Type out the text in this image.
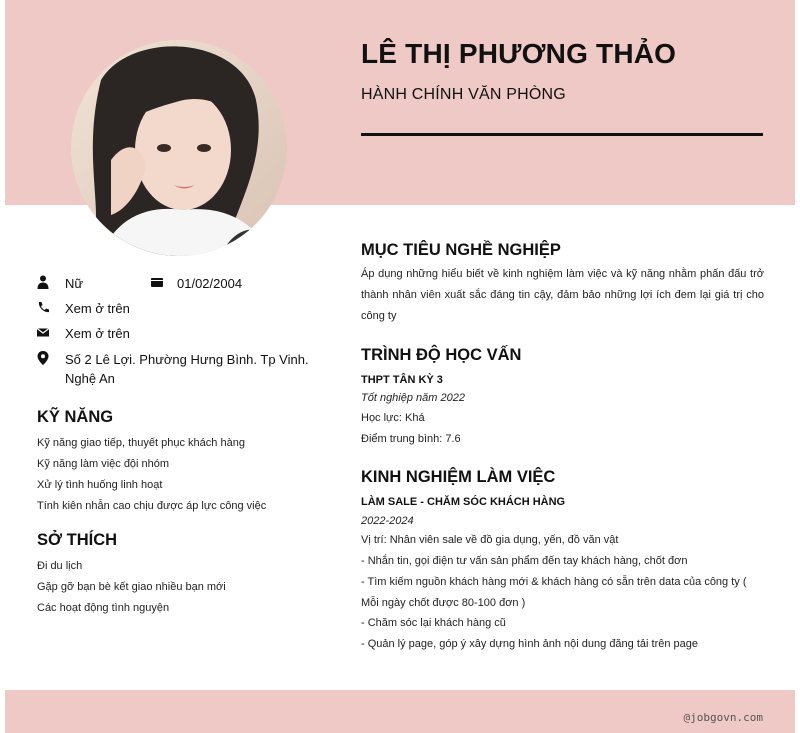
LÊ THỊ PHƯƠNG THẢO
HÀNH CHÍNH VĂN PHÒNG
Nữ	01/02/2004
Xem ở trên
Xem ở trên
Số 2 Lê Lợi. Phường Hưng Bình. Tp Vinh.
Nghệ An
KỸ NĂNG
Kỹ năng giao tiếp, thuyết phục khách hàng
Kỹ năng làm việc đội nhóm
Xử lý tình huống linh hoạt
Tính kiên nhẫn cao chịu được áp lực công việc
SỞ THÍCH
Đi du lịch
Gặp gỡ bạn bè kết giao nhiều bạn mới
Các hoạt động tình nguyện
MỤC TIÊU NGHỀ NGHIỆP
Áp dụng những hiểu biết về kinh nghiệm làm việc và kỹ năng nhằm phấn đấu trở thành nhân viên xuất sắc đáng tin cậy, đảm bảo những lợi ích đem lại giá trị cho công ty
TRÌNH ĐỘ HỌC VẤN
THPT TÂN KỲ 3
Tốt nghiệp năm 2022
Học lực: Khá
Điểm trung bình: 7.6
KINH NGHIỆM LÀM VIỆC
LÀM SALE - CHĂM SÓC KHÁCH HÀNG
2022-2024
Vị trí: Nhân viên sale về đồ gia dụng, yến, đồ văn vật
- Nhắn tin, gọi điện tư vấn sản phẩm đến tay khách hàng, chốt đơn
- Tìm kiếm nguồn khách hàng mới & khách hàng có sẵn trên data của công ty (
Mỗi ngày chốt được 80-100 đơn )
- Chăm sóc lại khách hàng cũ
- Quản lý page, góp ý xây dựng hình ảnh nội dung đăng tải trên page
@jobgovn.com
